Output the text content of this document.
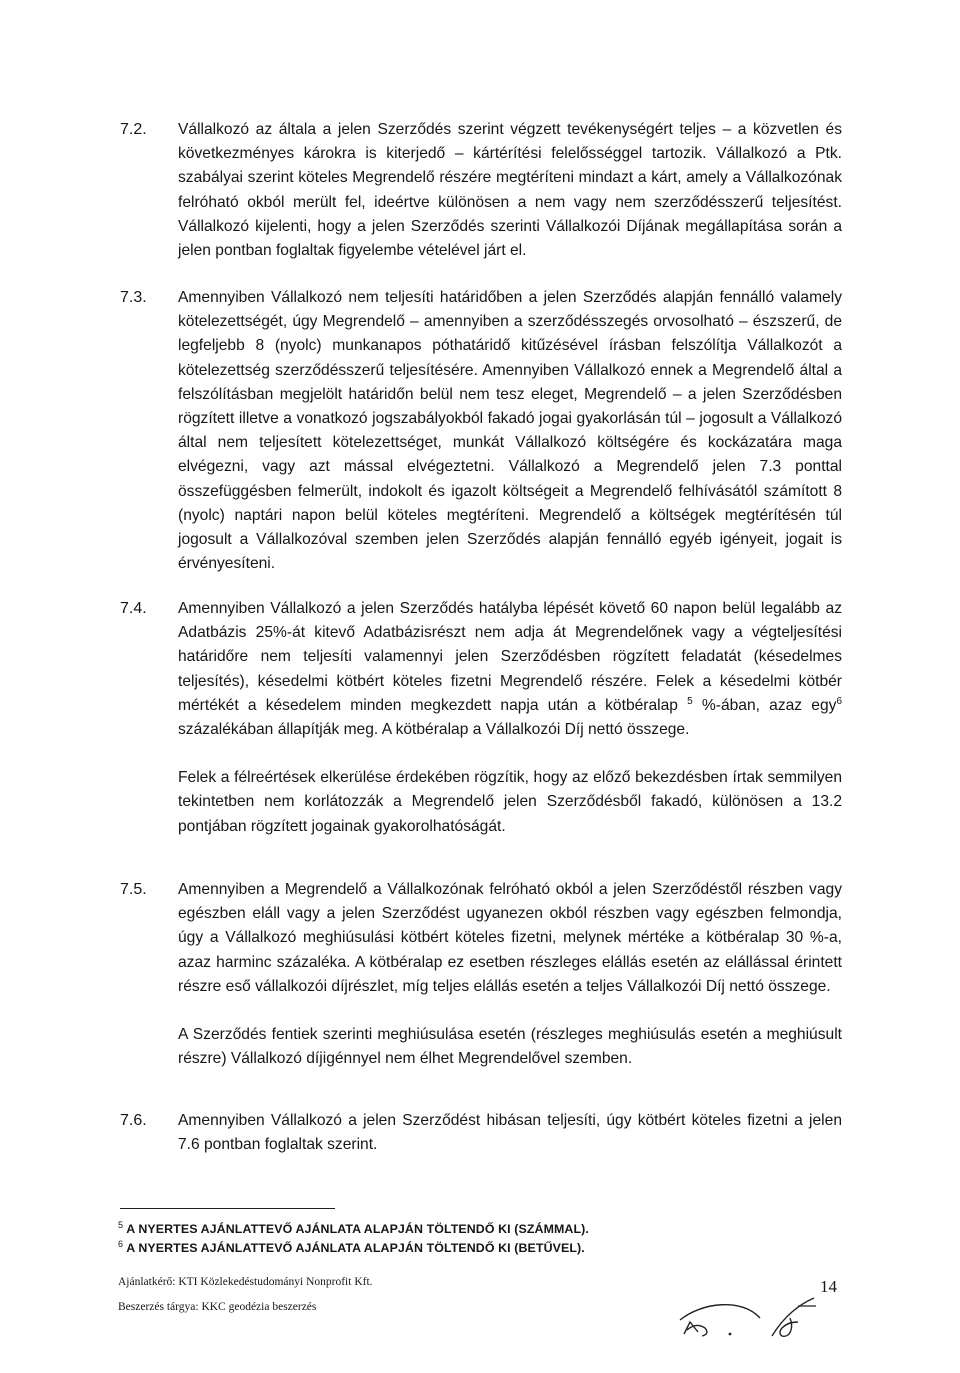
7.2. Vállalkozó az általa a jelen Szerződés szerint végzett tevékenységért teljes – a közvetlen és következményes károkra is kiterjedő – kártérítési felelősséggel tartozik. Vállalkozó a Ptk. szabályai szerint köteles Megrendelő részére megtéríteni mindazt a kárt, amely a Vállalkozónak felróható okból merült fel, ideértve különösen a nem vagy nem szerződésszerű teljesítést. Vállalkozó kijelenti, hogy a jelen Szerződés szerinti Vállalkozói Díjának megállapítása során a jelen pontban foglaltak figyelembe vételével járt el.

7.3. Amennyiben Vállalkozó nem teljesíti határidőben a jelen Szerződés alapján fennálló valamely kötelezettségét, úgy Megrendelő – amennyiben a szerződésszegés orvosolható – észszerű, de legfeljebb 8 (nyolc) munkanapos póthatáridő kitűzésével írásban felszólítja Vállalkozót a kötelezettség szerződésszerű teljesítésére. Amennyiben Vállalkozó ennek a Megrendelő által a felszólításban megjelölt határidőn belül nem tesz eleget, Megrendelő – a jelen Szerződésben rögzített illetve a vonatkozó jogszabályokból fakadó jogai gyakorlásán túl – jogosult a Vállalkozó által nem teljesített kötelezettséget, munkát Vállalkozó költségére és kockázatára maga elvégezni, vagy azt mással elvégeztetni. Vállalkozó a Megrendelő jelen 7.3 ponttal összefüggésben felmerült, indokolt és igazolt költségeit a Megrendelő felhívásától számított 8 (nyolc) naptári napon belül köteles megtéríteni. Megrendelő a költségek megtérítésén túl jogosult a Vállalkozóval szemben jelen Szerződés alapján fennálló egyéb igényeit, jogait is érvényesíteni.

7.4. Amennyiben Vállalkozó a jelen Szerződés hatályba lépését követő 60 napon belül legalább az Adatbázis 25%-át kitevő Adatbázisrészt nem adja át Megrendelőnek vagy a végteljesítési határidőre nem teljesíti valamennyi jelen Szerződésben rögzített feladatát (késedelmes teljesítés), késedelmi kötbért köteles fizetni Megrendelő részére. Felek a késedelmi kötbér mértékét a késedelem minden megkezdett napja után a kötbéralap $^5$ %-ában, azaz egy$^6$ százalékában állapítják meg. A kötbéralap a Vállalkozói Díj nettó összege.

Felek a félreértések elkerülése érdekében rögzítik, hogy az előző bekezdésben írtak semmilyen tekintetben nem korlátozzák a Megrendelő jelen Szerződésből fakadó, különösen a 13.2 pontjában rögzített jogainak gyakorolhatóságát.

7.5. Amennyiben a Megrendelő a Vállalkozónak felróható okból a jelen Szerződéstől részben vagy egészben eláll vagy a jelen Szerződést ugyanezen okból részben vagy egészben felmondja, úgy a Vállalkozó meghiúsulási kötbért köteles fizetni, melynek mértéke a kötbéralap 30 %-a, azaz harminc százaléka. A kötbéralap ez esetben részleges elállás esetén az elállással érintett részre eső vállalkozói díjrészlet, míg teljes elállás esetén a teljes Vállalkozói Díj nettó összege.

A Szerződés fentiek szerinti meghiúsulása esetén (részleges meghiúsulás esetén a meghiúsult részre) Vállalkozó díjigénnyel nem élhet Megrendelővel szemben.

7.6. Amennyiben Vállalkozó a jelen Szerződést hibásan teljesíti, úgy kötbért köteles fizetni a jelen 7.6 pontban foglaltak szerint.

$^5$ A NYERTES AJÁNLATTEVŐ AJÁNLATA ALAPJÁN TÖLTENDŐ KI (SZÁMMAL).
$^6$ A NYERTES AJÁNLATTEVŐ AJÁNLATA ALAPJÁN TÖLTENDŐ KI (BETŰVEL).
Ajánlatkérő: KTI Közlekedéstudományi Nonprofit Kft.
Beszerzés tárgya: KKC geodézia beszerzés
14
